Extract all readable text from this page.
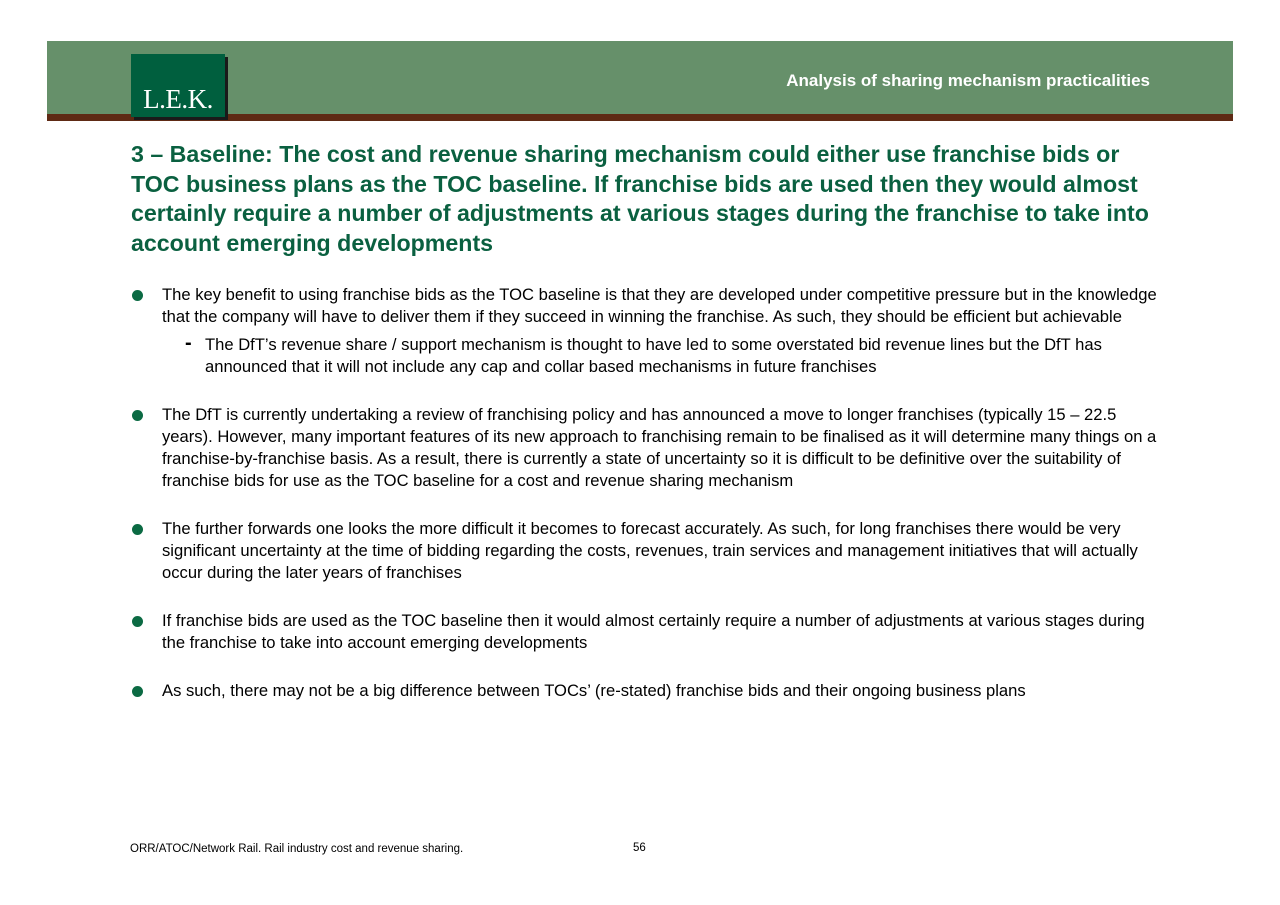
L.E.K.
Analysis of sharing mechanism practicalities
3 – Baseline: The cost and revenue sharing mechanism could either use franchise bids or TOC business plans as the TOC baseline. If franchise bids are used then they would almost certainly require a number of adjustments at various stages during the franchise to take into account emerging developments
The key benefit to using franchise bids as the TOC baseline is that they are developed under competitive pressure but in the knowledge that the company will have to deliver them if they succeed in winning the franchise. As such, they should be efficient but achievable
- The DfT’s revenue share / support mechanism is thought to have led to some overstated bid revenue lines but the DfT has announced that it will not include any cap and collar based mechanisms in future franchises
The DfT is currently undertaking a review of franchising policy and has announced a move to longer franchises (typically 15 – 22.5 years). However, many important features of its new approach to franchising remain to be finalised as it will determine many things on a franchise-by-franchise basis. As a result, there is currently a state of uncertainty so it is difficult to be definitive over the suitability of franchise bids for use as the TOC baseline for a cost and revenue sharing mechanism
The further forwards one looks the more difficult it becomes to forecast accurately. As such, for long franchises there would be very significant uncertainty at the time of bidding regarding the costs, revenues, train services and management initiatives that will actually occur during the later years of franchises
If franchise bids are used as the TOC baseline then it would almost certainly require a number of adjustments at various stages during the franchise to take into account emerging developments
As such, there may not be a big difference between TOCs’ (re-stated) franchise bids and their ongoing business plans
ORR/ATOC/Network Rail. Rail industry cost and revenue sharing.	56
